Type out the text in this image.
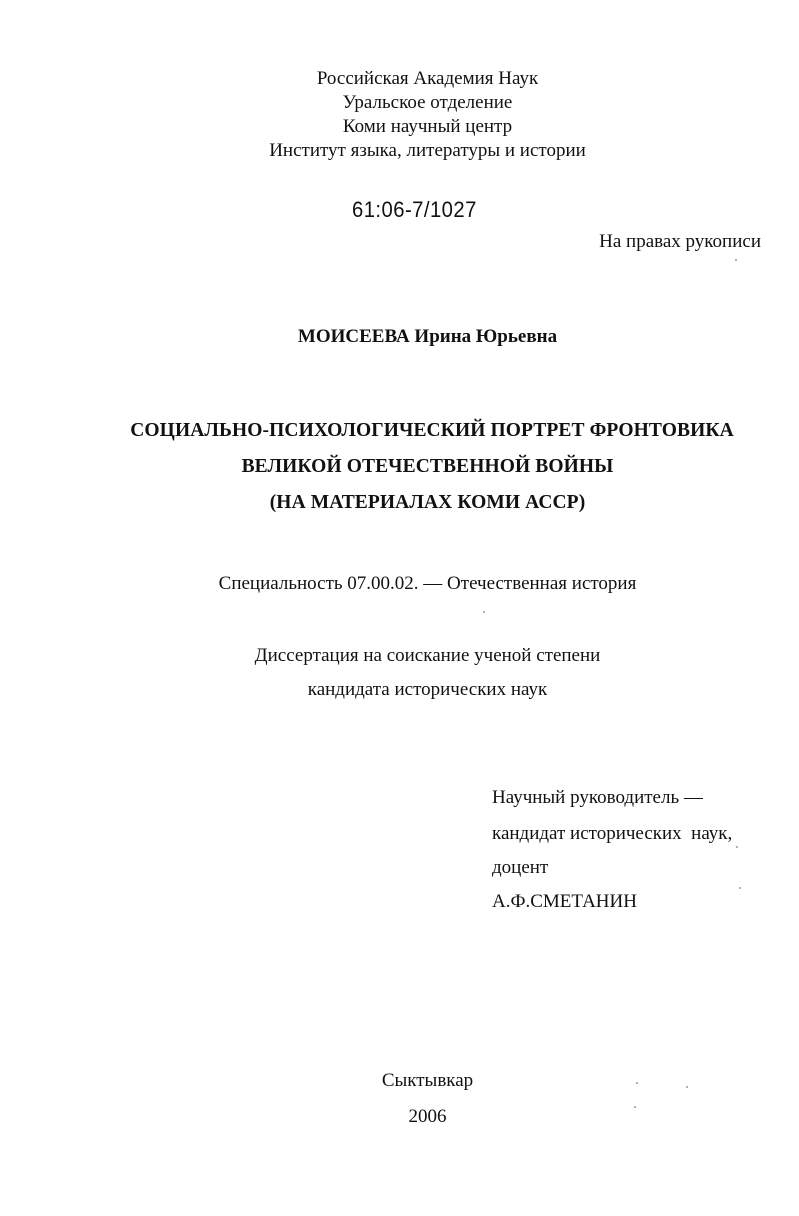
Российская Академия Наук
Уральское отделение
Коми научный центр
Институт языка, литературы и истории
61:06-7/1027
На правах рукописи
МОИСЕЕВА Ирина Юрьевна
СОЦИАЛЬНО-ПСИХОЛОГИЧЕСКИЙ ПОРТРЕТ ФРОНТОВИКА
ВЕЛИКОЙ ОТЕЧЕСТВЕННОЙ ВОЙНЫ
(НА МАТЕРИАЛАХ КОМИ АССР)
Специальность 07.00.02. — Отечественная история
Диссертация на соискание ученой степени
кандидата исторических наук
Научный руководитель —
кандидат исторических  наук,
доцент
А.Ф.СМЕТАНИН
Сыктывкар
2006
